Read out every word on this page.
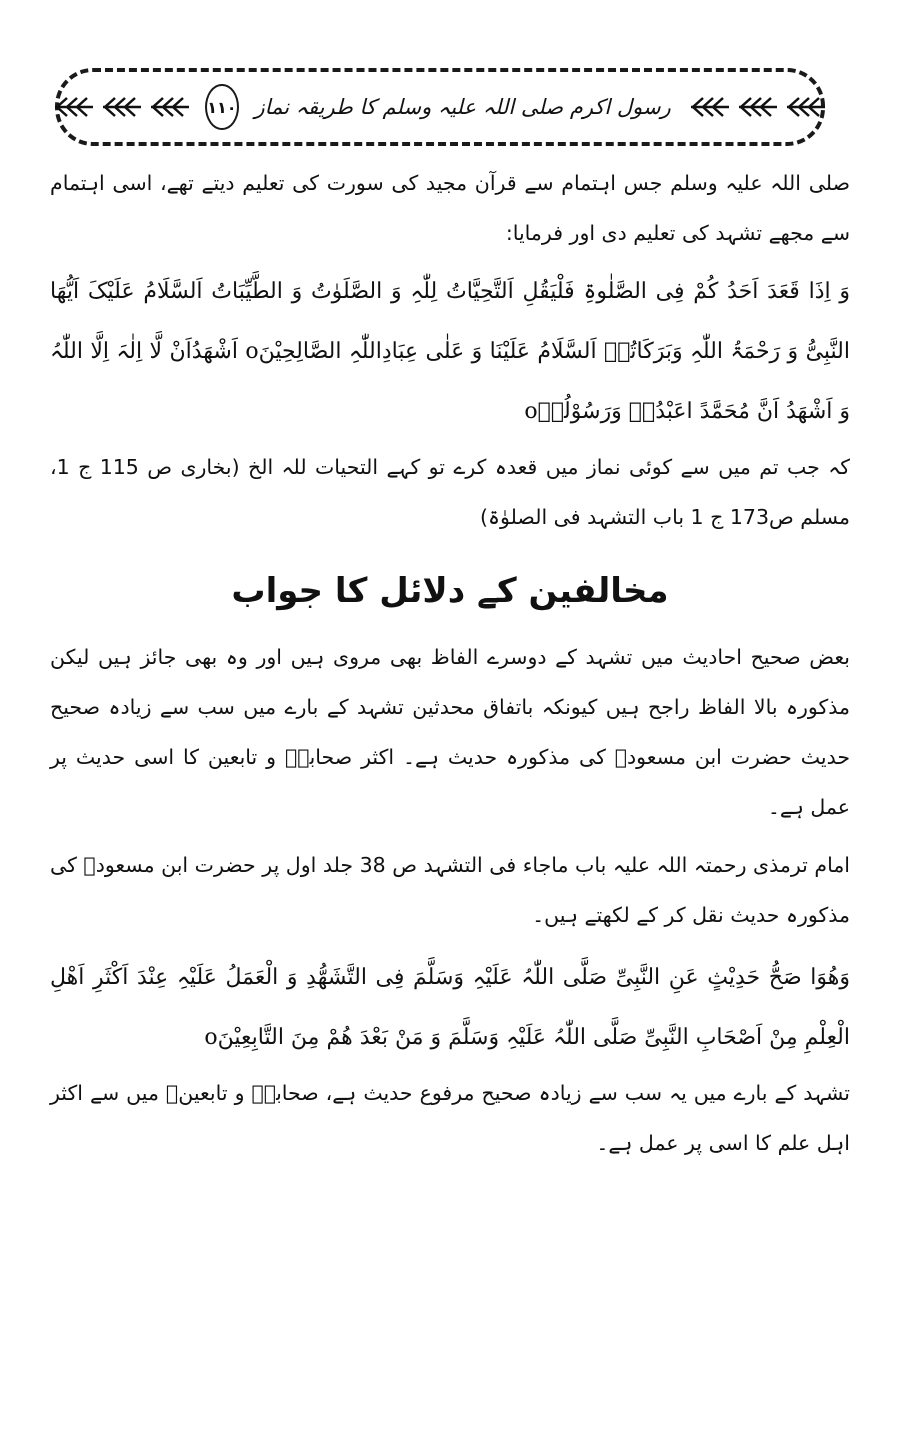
رسول اکرم صلی اللہ علیہ وسلم کا طریقہ نماز
۱۱۰

صلی اللہ علیہ وسلم جس اہتمام سے قرآن مجید کی سورت کی تعلیم دیتے تھے، اسی اہتمام سے مجھے تشہد کی تعلیم دی اور فرمایا:

وَ اِذَا قَعَدَ اَحَدُ کُمْ فِی الصَّلٰوۃِ فَلْیَقُلِ اَلتَّحِیَّاتُ لِلّٰہِ وَ الصَّلَوٰتُ وَ الطَّیِّبَاتُ اَلسَّلَامُ عَلَیْکَ اَیُّھَا النَّبِیُّ وَ رَحْمَۃُ اللّٰہِ وَبَرَکَاتُہٗ اَلسَّلَامُ عَلَیْنَا وَ عَلٰی عِبَادِاللّٰہِ الصَّالِحِیْنَo اَشْھَدُاَنْ لَّا اِلٰہَ اِلَّا اللّٰہُ وَ اَشْھَدُ اَنَّ مُحَمَّدً اعَبْدُہٗ وَرَسُوْلُہٗo

کہ جب تم میں سے کوئی نماز میں قعدہ کرے تو کہے التحیات للہ الخ (بخاری ص 115 ج 1، مسلم ص173 ج 1 باب التشہد فی الصلوٰۃ)

مخالفین کے دلائل کا جواب

بعض صحیح احادیث میں تشہد کے دوسرے الفاظ بھی مروی ہیں اور وہ بھی جائز ہیں لیکن مذکورہ بالا الفاظ راجح ہیں کیونکہ باتفاق محدثین تشہد کے بارے میں سب سے زیادہ صحیح حدیث حضرت ابن مسعودؓ کی مذکورہ حدیث ہے۔ اکثر صحابہؓ و تابعین کا اسی حدیث پر عمل ہے۔

امام ترمذی رحمتہ اللہ علیہ باب ماجاء فی التشہد ص 38 جلد اول پر حضرت ابن مسعودؓ کی مذکورہ حدیث نقل کر کے لکھتے ہیں۔

وَھُوَا صَحُّ حَدِیْثٍ عَنِ النَّبِیِّ صَلَّی اللّٰہُ عَلَیْہِ وَسَلَّمَ فِی التَّشَھُّدِ وَ الْعَمَلُ عَلَیْہِ عِنْدَ اَکْثَرِ اَھْلِ الْعِلْمِ مِنْ اَصْحَابِ النَّبِیِّ صَلَّی اللّٰہُ عَلَیْہِ وَسَلَّمَ وَ مَنْ بَعْدَ ھُمْ مِنَ التَّابِعِیْنَo

تشہد کے بارے میں یہ سب سے زیادہ صحیح مرفوع حدیث ہے، صحابہؓ و تابعینؒ میں سے اکثر اہل علم کا اسی پر عمل ہے۔
